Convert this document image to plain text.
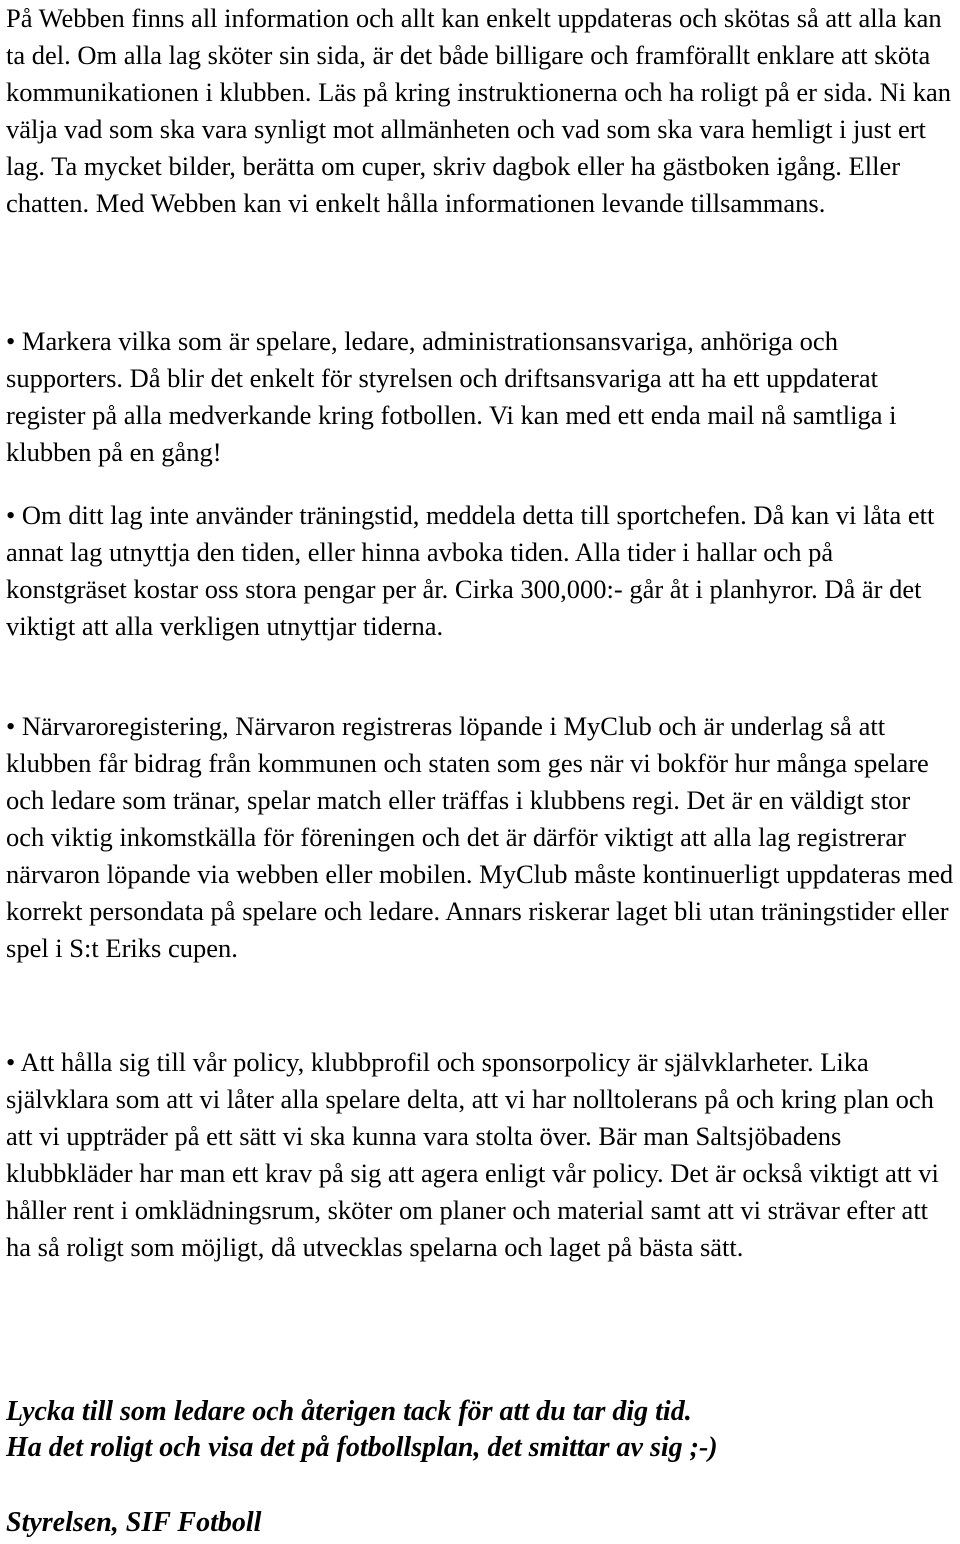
På Webben finns all information och allt kan enkelt uppdateras och skötas så att alla kan ta del. Om alla lag sköter sin sida, är det både billigare och framförallt enklare att sköta kommunikationen i klubben. Läs på kring instruktionerna och ha roligt på er sida. Ni kan välja vad som ska vara synligt mot allmänheten och vad som ska vara hemligt i just ert lag. Ta mycket bilder, berätta om cuper, skriv dagbok eller ha gästboken igång. Eller chatten. Med Webben kan vi enkelt hålla informationen levande tillsammans.

• Markera vilka som är spelare, ledare, administrationsansvariga, anhöriga och supporters. Då blir det enkelt för styrelsen och driftsansvariga att ha ett uppdaterat register på alla medverkande kring fotbollen. Vi kan med ett enda mail nå samtliga i klubben på en gång!

• Om ditt lag inte använder träningstid, meddela detta till sportchefen. Då kan vi låta ett annat lag utnyttja den tiden, eller hinna avboka tiden. Alla tider i hallar och på konstgräset kostar oss stora pengar per år. Cirka 300,000:- går åt i planhyror. Då är det viktigt att alla verkligen utnyttjar tiderna.

• Närvaroregistering, Närvaron registreras löpande i MyClub och är underlag så att klubben får bidrag från kommunen och staten som ges när vi bokför hur många spelare och ledare som tränar, spelar match eller träffas i klubbens regi. Det är en väldigt stor och viktig inkomstkälla för föreningen och det är därför viktigt att alla lag registrerar närvaron löpande via webben eller mobilen. MyClub måste kontinuerligt uppdateras med korrekt persondata på spelare och ledare. Annars riskerar laget bli utan träningstider eller spel i S:t Eriks cupen.

• Att hålla sig till vår policy, klubbprofil och sponsorpolicy är självklarheter. Lika självklara som att vi låter alla spelare delta, att vi har nolltolerans på och kring plan och att vi uppträder på ett sätt vi ska kunna vara stolta över. Bär man Saltsjöbadens klubbkläder har man ett krav på sig att agera enligt vår policy. Det är också viktigt att vi håller rent i omklädningsrum, sköter om planer och material samt att vi strävar efter att ha så roligt som möjligt, då utvecklas spelarna och laget på bästa sätt.

Lycka till som ledare och återigen tack för att du tar dig tid.

Ha det roligt och visa det på fotbollsplan, det smittar av sig ;-)

Styrelsen, SIF Fotboll
